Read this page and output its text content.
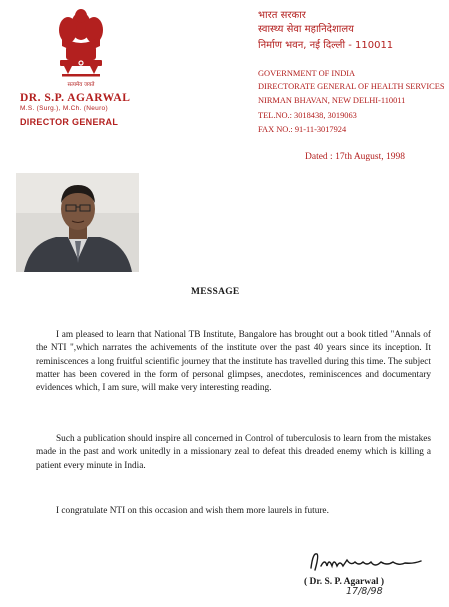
सत्यमेव जयते
DR. S.P. AGARWAL
M.S. (Surg.), M.Ch. (Neuro)
DIRECTOR GENERAL
भारत सरकार
स्वास्थ्य सेवा महानिदेशालय
निर्माण भवन, नई दिल्ली - 110011
GOVERNMENT OF INDIA
DIRECTORATE GENERAL OF HEALTH SERVICES
NIRMAN BHAVAN, NEW DELHI-110011
TEL.NO.: 3018438, 3019063
FAX NO.: 91-11-3017924
Dated : 17th August, 1998
MESSAGE

I am pleased to learn that National TB Institute, Bangalore has brought out a book titled "Annals of the NTI ",which narrates the achivements of the institute over the past 40 years since its inception. It reminiscences a long fruitful scientific journey that the institute has travelled during this time. The subject matter has been covered in the form of personal glimpses, anecdotes, reminiscences and documentary evidences which, I am sure, will make very interesting reading.

Such a publication should inspire all concerned in Control of tuberculosis to learn from the mistakes made in the past and work unitedly in a missionary zeal to defeat this dreaded enemy which is killing a patient every minute in India.

I congratulate NTI on this occasion and wish them more laurels in future.

( Dr. S. P. Agarwal )
17/8/98
